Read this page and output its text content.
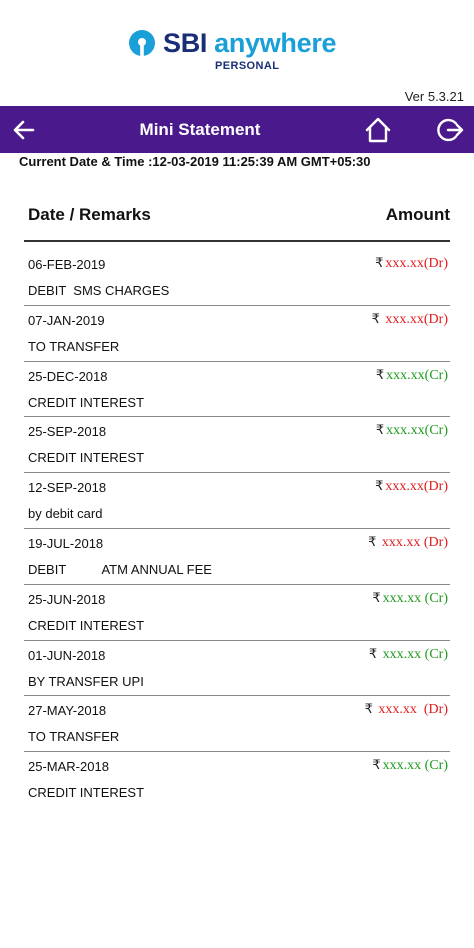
SBI anywhere
PERSONAL
Ver 5.3.21
Mini Statement
Current Date & Time :12-03-2019 11:25:39 AM GMT+05:30
Date / Remarks	Amount
06-FEB-2019
DEBIT  SMS CHARGES
₹ xxx.xx(Dr)
07-JAN-2019
TO TRANSFER
₹ xxx.xx(Dr)
25-DEC-2018
CREDIT INTEREST
₹ xxx.xx(Cr)
25-SEP-2018
CREDIT INTEREST
₹ xxx.xx(Cr)
12-SEP-2018
by debit card
₹ xxx.xx(Dr)
19-JUL-2018
DEBIT          ATM ANNUAL FEE
₹ xxx.xx (Dr)
25-JUN-2018
CREDIT INTEREST
₹ xxx.xx (Cr)
01-JUN-2018
BY TRANSFER UPI
₹ xxx.xx (Cr)
27-MAY-2018
TO TRANSFER
₹ xxx.xx  (Dr)
25-MAR-2018
CREDIT INTEREST
₹ xxx.xx (Cr)
